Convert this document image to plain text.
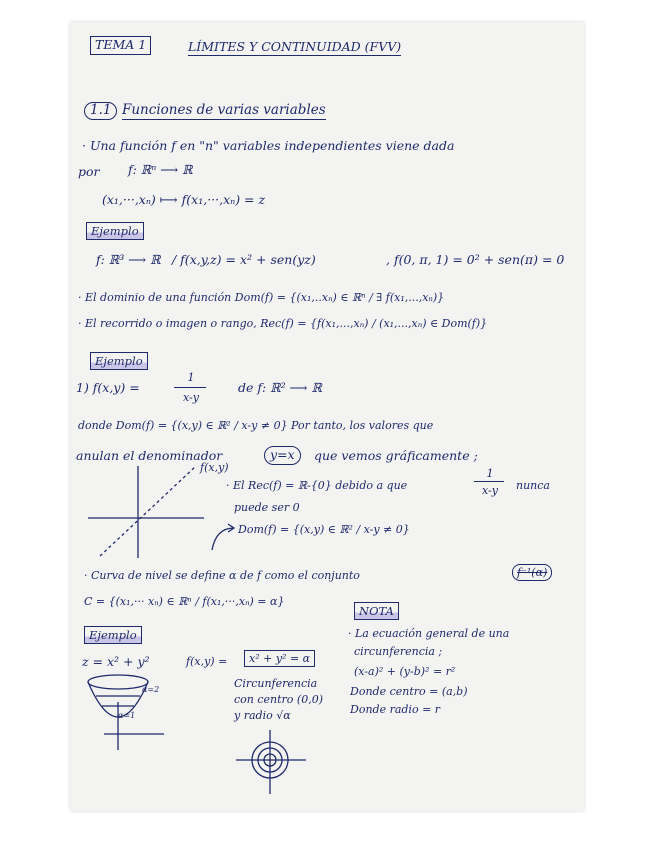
TEMA 1	LÍMITES Y CONTINUIDAD (FVV)
1.1 Funciones de varias variables
· Una función f en "n" variables independientes viene dada
por f: ℝⁿ ⟶ ℝ
(x₁,···,xₙ) ⟼ f(x₁,···,xₙ) = z
Ejemplo
f: ℝ³ ⟶ ℝ / f(x,y,z) = x² + sen(yz)	, f(0, π, 1) = 0² + sen(π) = 0
· El dominio de una función Dom(f) = {(x₁,..xₙ) ∈ ℝⁿ / ∃ f(x₁,...,xₙ)}
· El recorrido o imagen o rango, Rec(f) = {f(x₁,...,xₙ) / (x₁,...,xₙ) ∈ Dom(f)}
Ejemplo
1) f(x,y) =
1
x-y
de f: ℝ² ⟶ ℝ
donde Dom(f) = {(x,y) ∈ ℝ² / x-y ≠ 0} Por tanto, los valores que
anulan el denominador	y=x	que vemos gráficamente ;
f(x,y)
· El Rec(f) = ℝ-{0} debido a que
1
x-y	nunca
puede ser 0
Dom(f) = {(x,y) ∈ ℝ² / x-y ≠ 0}
· Curva de nivel se define α de f como el conjunto	f⁻¹(α)
C = {(x₁,··· xₙ) ∈ ℝⁿ / f(x₁,···,xₙ) = α}
NOTA
· La ecuación general de una
circunferencia ;
(x-a)² + (y-b)² = r²
Donde centro = (a,b)
Donde radio = r
Ejemplo
z = x² + y²
α=2
α=1
f(x,y) =	x² + y² = α
Circunferencia
con centro (0,0)
y radio √α
